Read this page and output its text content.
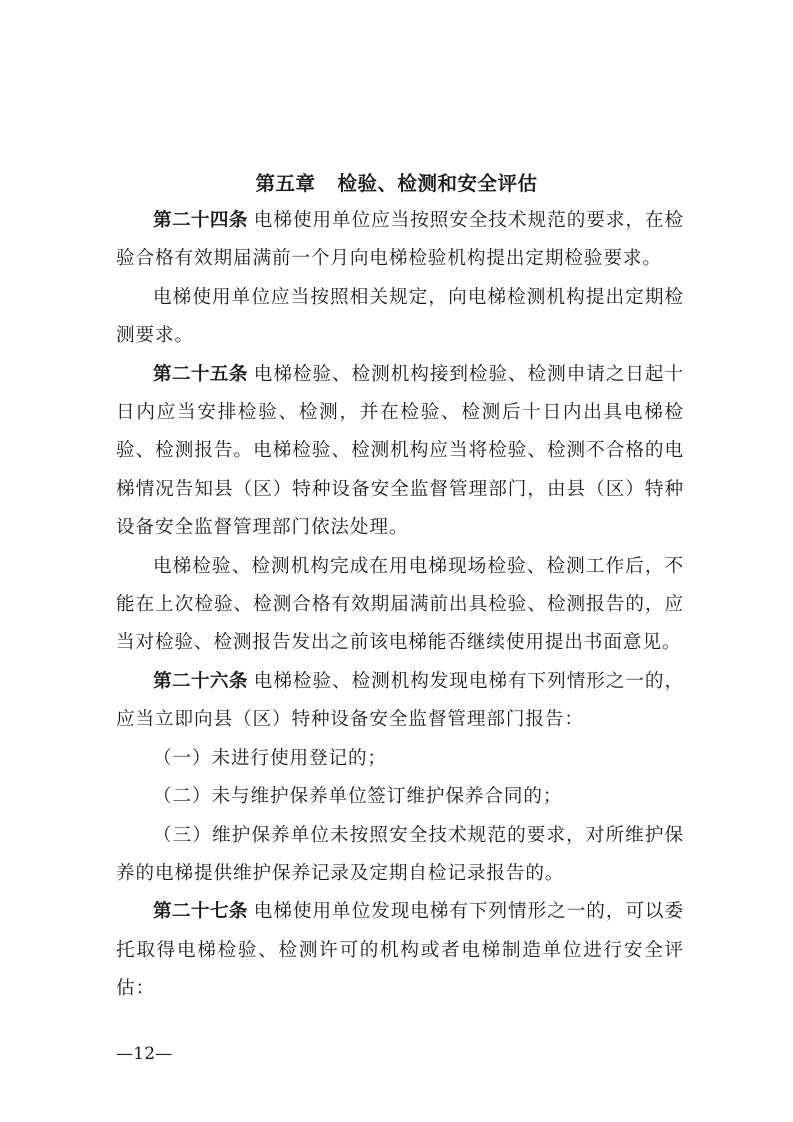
第五章 检验、检测和安全评估

第二十四条 电梯使用单位应当按照安全技术规范的要求，在检验合格有效期届满前一个月向电梯检验机构提出定期检验要求。

电梯使用单位应当按照相关规定，向电梯检测机构提出定期检测要求。

第二十五条 电梯检验、检测机构接到检验、检测申请之日起十日内应当安排检验、检测，并在检验、检测后十日内出具电梯检验、检测报告。电梯检验、检测机构应当将检验、检测不合格的电梯情况告知县（区）特种设备安全监督管理部门，由县（区）特种设备安全监督管理部门依法处理。

电梯检验、检测机构完成在用电梯现场检验、检测工作后，不能在上次检验、检测合格有效期届满前出具检验、检测报告的，应当对检验、检测报告发出之前该电梯能否继续使用提出书面意见。

第二十六条 电梯检验、检测机构发现电梯有下列情形之一的，应当立即向县（区）特种设备安全监督管理部门报告：

（一）未进行使用登记的；

（二）未与维护保养单位签订维护保养合同的；

（三）维护保养单位未按照安全技术规范的要求，对所维护保养的电梯提供维护保养记录及定期自检记录报告的。

第二十七条 电梯使用单位发现电梯有下列情形之一的，可以委托取得电梯检验、检测许可的机构或者电梯制造单位进行安全评估：

—12—
